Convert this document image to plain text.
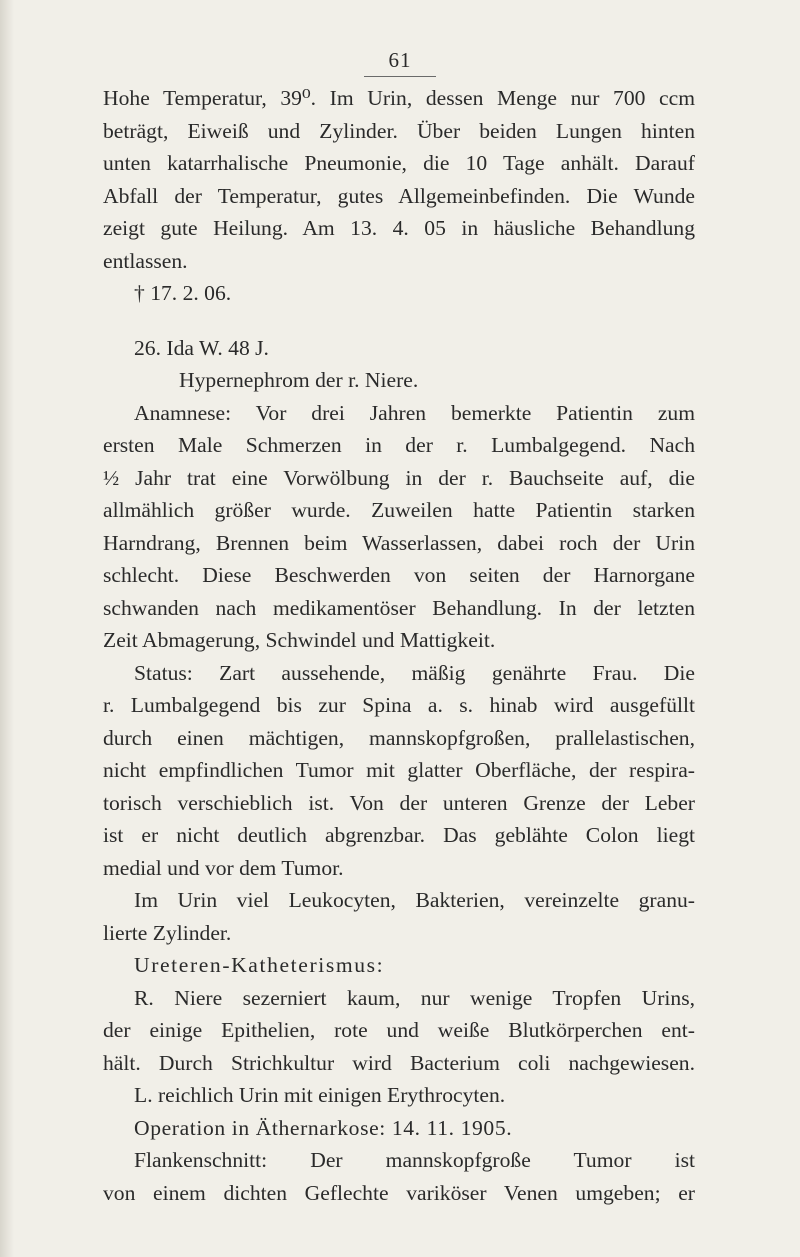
61
Hohe Temperatur, 39⁰. Im Urin, dessen Menge nur 700 ccm
beträgt, Eiweiß und Zylinder. Über beiden Lungen hinten
unten katarrhalische Pneumonie, die 10 Tage anhält. Darauf
Abfall der Temperatur, gutes Allgemeinbefinden. Die Wunde
zeigt gute Heilung. Am 13. 4. 05 in häusliche Behandlung
entlassen.
† 17. 2. 06.
26. Ida W. 48 J.
Hypernephrom der r. Niere.
Anamnese: Vor drei Jahren bemerkte Patientin zum
ersten Male Schmerzen in der r. Lumbalgegend. Nach
½ Jahr trat eine Vorwölbung in der r. Bauchseite auf, die
allmählich größer wurde. Zuweilen hatte Patientin starken
Harndrang, Brennen beim Wasserlassen, dabei roch der Urin
schlecht. Diese Beschwerden von seiten der Harnorgane
schwanden nach medikamentöser Behandlung. In der letzten
Zeit Abmagerung, Schwindel und Mattigkeit.
Status: Zart aussehende, mäßig genährte Frau. Die
r. Lumbalgegend bis zur Spina a. s. hinab wird ausgefüllt
durch einen mächtigen, mannskopfgroßen, prallelastischen,
nicht empfindlichen Tumor mit glatter Oberfläche, der respira-
torisch verschieblich ist. Von der unteren Grenze der Leber
ist er nicht deutlich abgrenzbar. Das geblähte Colon liegt
medial und vor dem Tumor.
Im Urin viel Leukocyten, Bakterien, vereinzelte granu-
lierte Zylinder.
Ureteren-Katheterismus:
R. Niere sezerniert kaum, nur wenige Tropfen Urins,
der einige Epithelien, rote und weiße Blutkörperchen ent-
hält. Durch Strichkultur wird Bacterium coli nachgewiesen.
L. reichlich Urin mit einigen Erythrocyten.
Operation in Äthernarkose: 14. 11. 1905.
Flankenschnitt: Der mannskopfgroße Tumor ist
von einem dichten Geflechte variköser Venen umgeben; er
